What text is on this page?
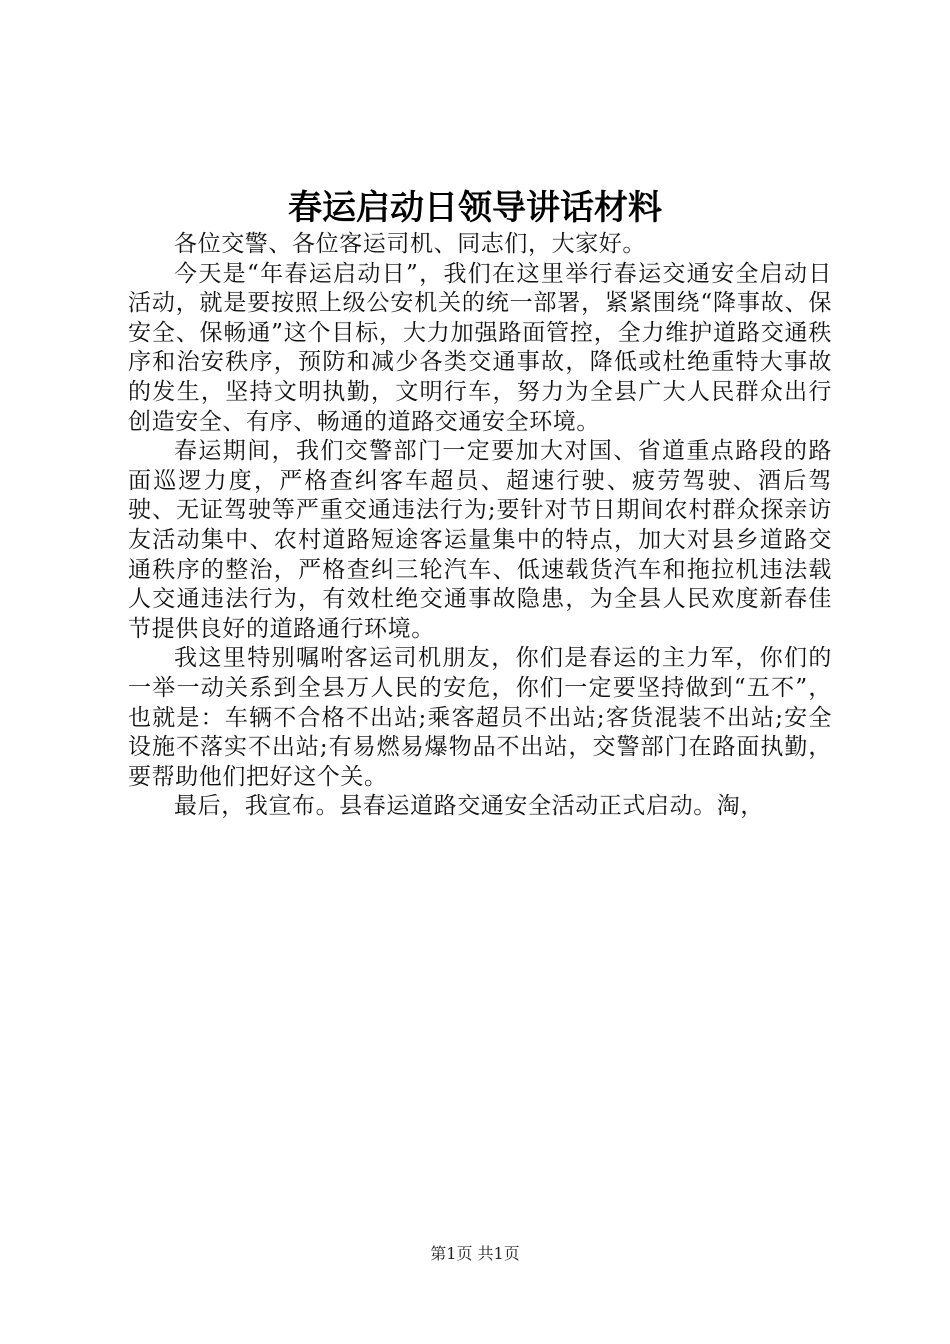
春运启动日领导讲话材料

各位交警、各位客运司机、同志们，大家好。

今天是“年春运启动日”，我们在这里举行春运交通安全启动日活动，就是要按照上级公安机关的统一部署，紧紧围绕“降事故、保安全、保畅通”这个目标，大力加强路面管控，全力维护道路交通秩序和治安秩序，预防和减少各类交通事故，降低或杜绝重特大事故的发生，坚持文明执勤，文明行车，努力为全县广大人民群众出行创造安全、有序、畅通的道路交通安全环境。

春运期间，我们交警部门一定要加大对国、省道重点路段的路面巡逻力度，严格查纠客车超员、超速行驶、疲劳驾驶、酒后驾驶、无证驾驶等严重交通违法行为;要针对节日期间农村群众探亲访友活动集中、农村道路短途客运量集中的特点，加大对县乡道路交通秩序的整治，严格查纠三轮汽车、低速载货汽车和拖拉机违法载人交通违法行为，有效杜绝交通事故隐患，为全县人民欢度新春佳节提供良好的道路通行环境。

我这里特别嘱咐客运司机朋友，你们是春运的主力军，你们的一举一动关系到全县万人民的安危，你们一定要坚持做到“五不”，也就是：车辆不合格不出站;乘客超员不出站;客货混装不出站;安全设施不落实不出站;有易燃易爆物品不出站，交警部门在路面执勤，要帮助他们把好这个关。

最后，我宣布。县春运道路交通安全活动正式启动。淘，

第1页 共1页
